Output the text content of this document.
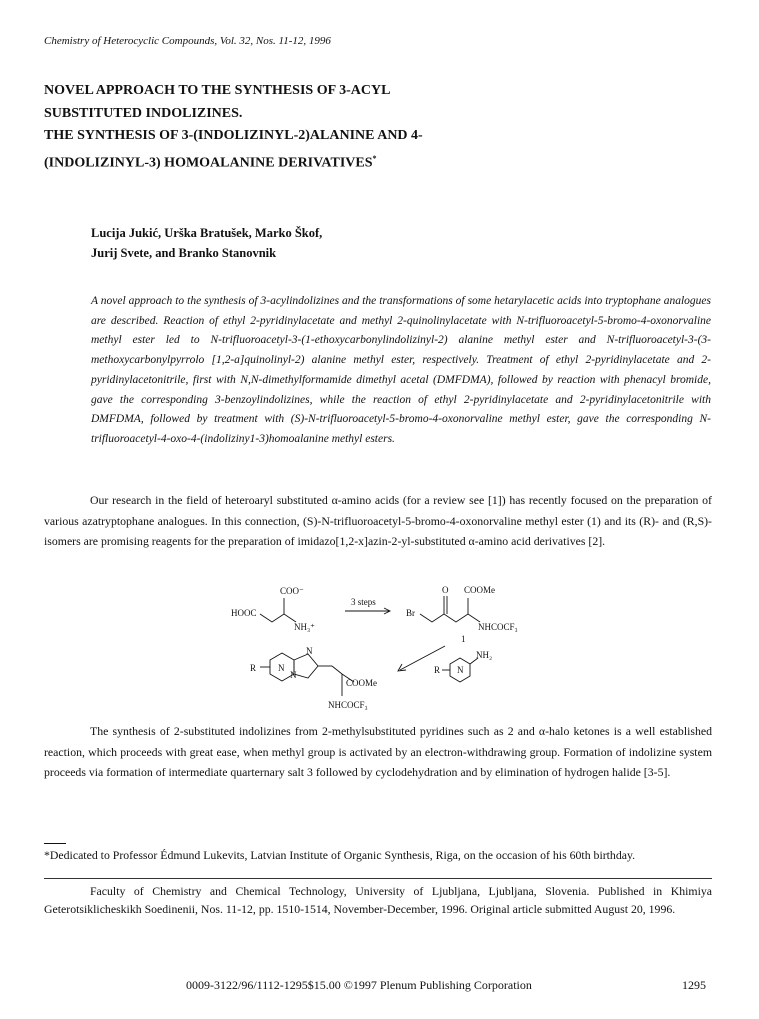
Chemistry of Heterocyclic Compounds, Vol. 32, Nos. 11-12, 1996
NOVEL APPROACH TO THE SYNTHESIS OF 3-ACYL
SUBSTITUTED INDOLIZINES.
THE SYNTHESIS OF 3-(INDOLIZINYL-2)ALANINE AND 4-
(INDOLIZINYL-3) HOMOALANINE DERIVATIVES*
Lucija Jukić, Urška Bratušek, Marko Škof,
Jurij Svete, and Branko Stanovnik
A novel approach to the synthesis of 3-acylindolizines and the transformations of some hetarylacetic acids into tryptophane analogues are described. Reaction of ethyl 2-pyridinylacetate and methyl 2-quinolinylacetate with N-trifluoroacetyl-5-bromo-4-oxonorvaline methyl ester led to N-trifluoroacetyl-3-(1-ethoxycarbonylindolizinyl-2) alanine methyl ester and N-trifluoroacetyl-3-(3-methoxycarbonylpyrrolo [1,2-a]quinolinyl-2) alanine methyl ester, respectively. Treatment of ethyl 2-pyridinylacetate and 2-pyridinylacetonitrile, first with N,N-dimethylformamide dimethyl acetal (DMFDMA), followed by reaction with phenacyl bromide, gave the corresponding 3-benzoylindolizines, while the reaction of ethyl 2-pyridinylacetate and 2-pyridinylacetonitrile with DMFDMA, followed by treatment with (S)-N-trifluoroacetyl-5-bromo-4-oxonorvaline methyl ester, gave the corresponding N-trifluoroacetyl-4-oxo-4-(indoliziny1-3)homoalanine methyl esters.
Our research in the field of heteroaryl substituted α-amino acids (for a review see [1]) has recently focused on the preparation of various azatryptophane analogues. In this connection, (S)-N-trifluoroacetyl-5-bromo-4-oxonorvaline methyl ester (1) and its (R)- and (R,S)-isomers are promising reagents for the preparation of imidazo[1,2-x]azin-2-yl-substituted α-amino acid derivatives [2].
COO⁻
HOOC
NH₃⁺
3 steps
O COOMe
Br
NHCOCF₃
1
NH₂
R N
R N
N
N
COOMe
NHCOCF₃
The synthesis of 2-substituted indolizines from 2-methylsubstituted pyridines such as 2 and α-halo ketones is a well established reaction, which proceeds with great ease, when methyl group is activated by an electron-withdrawing group. Formation of indolizine system proceeds via formation of intermediate quarternary salt 3 followed by cyclodehydration and by elimination of hydrogen halide [3-5].
*Dedicated to Professor Édmund Lukevits, Latvian Institute of Organic Synthesis, Riga, on the occasion of his 60th birthday.
Faculty of Chemistry and Chemical Technology, University of Ljubljana, Ljubljana, Slovenia. Published in Khimiya Geterotsiklicheskikh Soedinenii, Nos. 11-12, pp. 1510-1514, November-December, 1996. Original article submitted August 20, 1996.
0009-3122/96/1112-1295$15.00 ©1997 Plenum Publishing Corporation	1295
